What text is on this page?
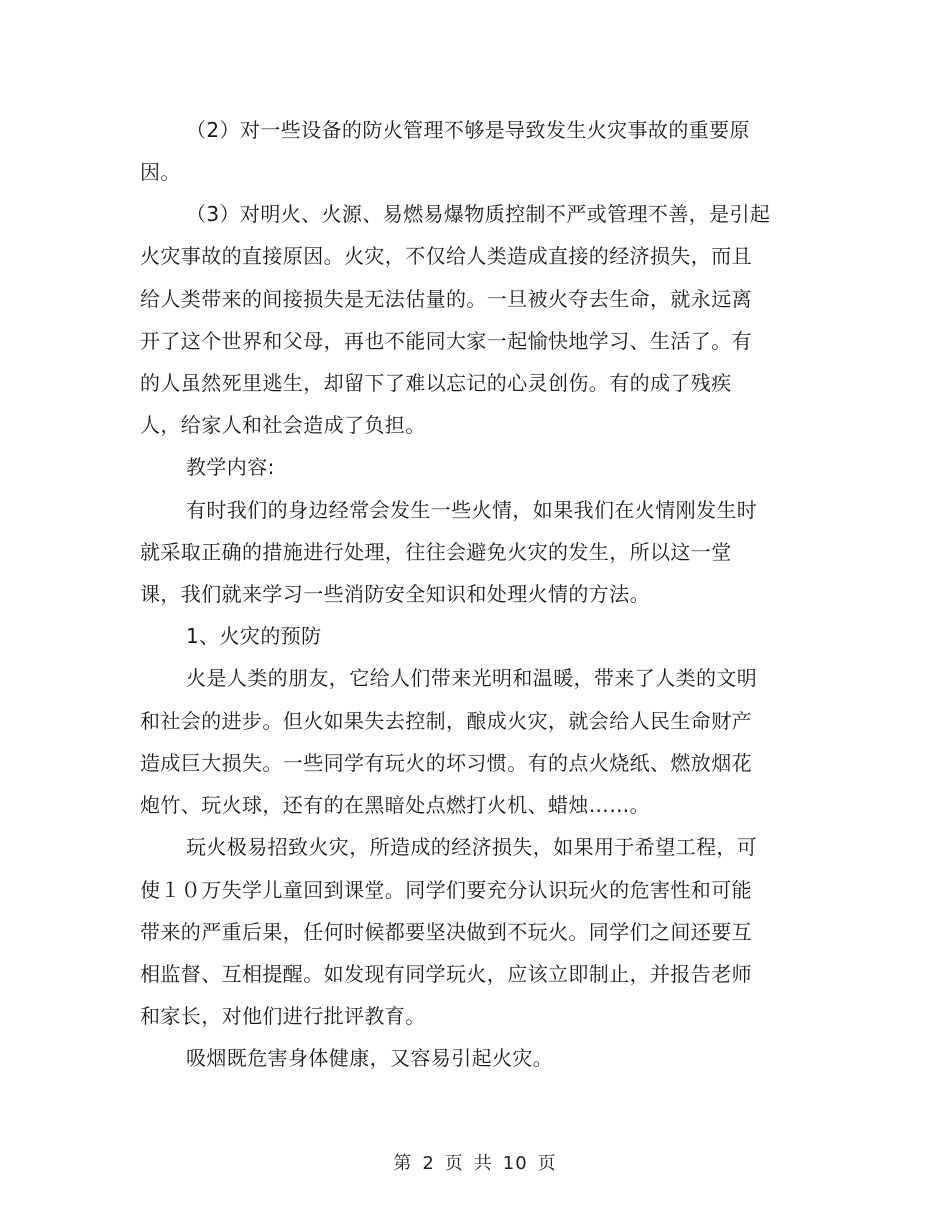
（2）对一些设备的防火管理不够是导致发生火灾事故的重要原
因。
（3）对明火、火源、易燃易爆物质控制不严或管理不善，是引起
火灾事故的直接原因。火灾，不仅给人类造成直接的经济损失，而且
给人类带来的间接损失是无法估量的。一旦被火夺去生命，就永远离
开了这个世界和父母，再也不能同大家一起愉快地学习、生活了。有
的人虽然死里逃生，却留下了难以忘记的心灵创伤。有的成了残疾
人，给家人和社会造成了负担。
教学内容:
有时我们的身边经常会发生一些火情，如果我们在火情刚发生时
就采取正确的措施进行处理，往往会避免火灾的发生，所以这一堂
课，我们就来学习一些消防安全知识和处理火情的方法。
1、火灾的预防
火是人类的朋友，它给人们带来光明和温暖，带来了人类的文明
和社会的进步。但火如果失去控制，酿成火灾，就会给人民生命财产
造成巨大损失。一些同学有玩火的坏习惯。有的点火烧纸、燃放烟花
炮竹、玩火球，还有的在黑暗处点燃打火机、蜡烛……。
玩火极易招致火灾，所造成的经济损失，如果用于希望工程，可
使１０万失学儿童回到课堂。同学们要充分认识玩火的危害性和可能
带来的严重后果，任何时候都要坚决做到不玩火。同学们之间还要互
相监督、互相提醒。如发现有同学玩火，应该立即制止，并报告老师
和家长，对他们进行批评教育。
吸烟既危害身体健康，又容易引起火灾。
第 2 页 共 10 页
